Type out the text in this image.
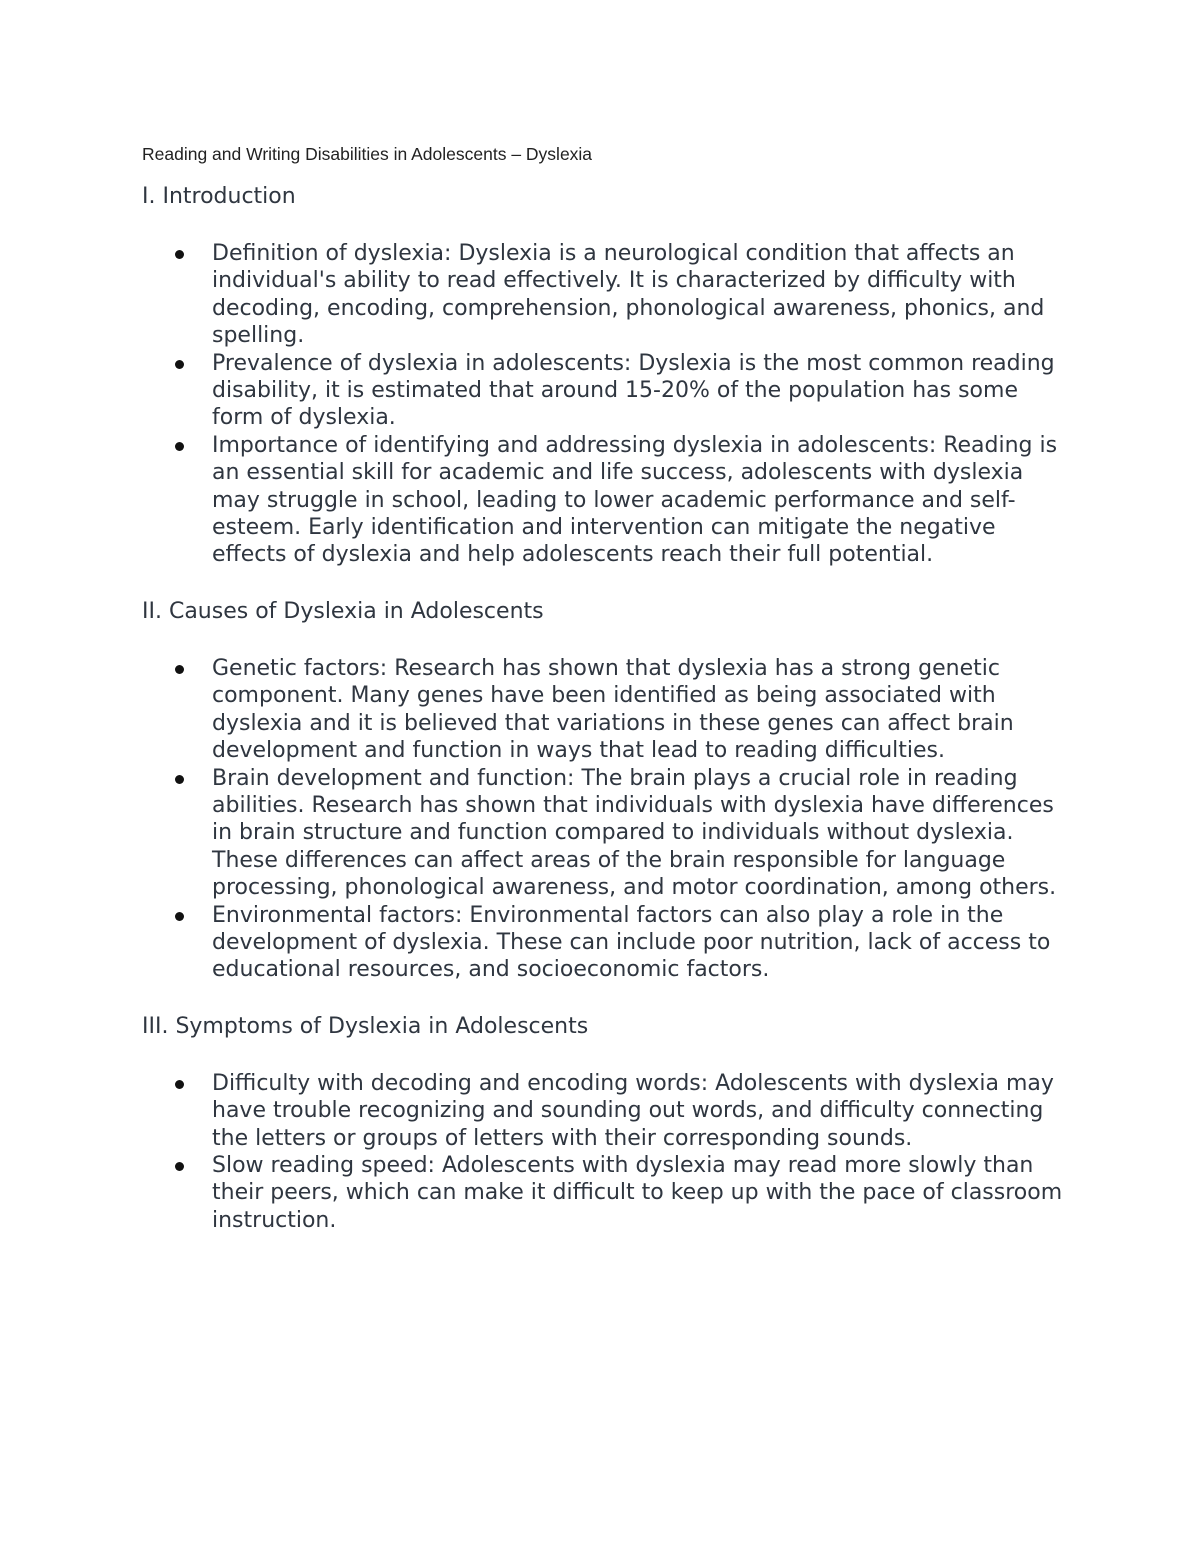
Reading and Writing Disabilities in Adolescents – Dyslexia
I. Introduction
Definition of dyslexia: Dyslexia is a neurological condition that affects an individual's ability to read effectively. It is characterized by difficulty with decoding, encoding, comprehension, phonological awareness, phonics, and spelling.
Prevalence of dyslexia in adolescents: Dyslexia is the most common reading disability, it is estimated that around 15-20% of the population has some form of dyslexia.
Importance of identifying and addressing dyslexia in adolescents: Reading is an essential skill for academic and life success, adolescents with dyslexia may struggle in school, leading to lower academic performance and self-esteem. Early identification and intervention can mitigate the negative effects of dyslexia and help adolescents reach their full potential.
II. Causes of Dyslexia in Adolescents
Genetic factors: Research has shown that dyslexia has a strong genetic component. Many genes have been identified as being associated with dyslexia and it is believed that variations in these genes can affect brain development and function in ways that lead to reading difficulties.
Brain development and function: The brain plays a crucial role in reading abilities. Research has shown that individuals with dyslexia have differences in brain structure and function compared to individuals without dyslexia. These differences can affect areas of the brain responsible for language processing, phonological awareness, and motor coordination, among others.
Environmental factors: Environmental factors can also play a role in the development of dyslexia. These can include poor nutrition, lack of access to educational resources, and socioeconomic factors.
III. Symptoms of Dyslexia in Adolescents
Difficulty with decoding and encoding words: Adolescents with dyslexia may have trouble recognizing and sounding out words, and difficulty connecting the letters or groups of letters with their corresponding sounds.
Slow reading speed: Adolescents with dyslexia may read more slowly than their peers, which can make it difficult to keep up with the pace of classroom instruction.
